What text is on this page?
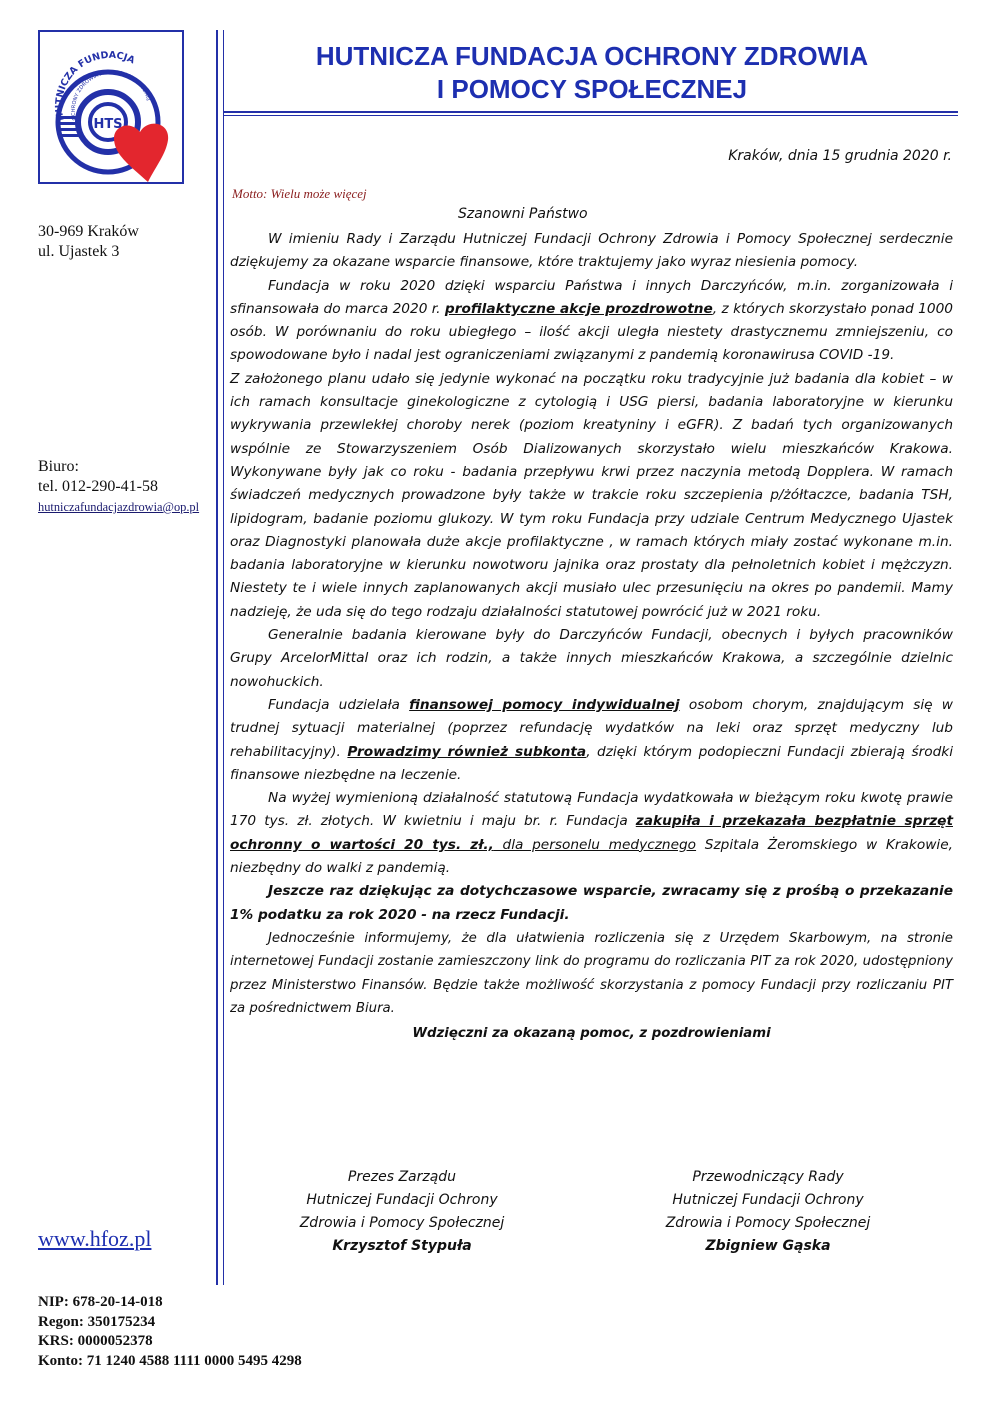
HTS
HUTNICZA FUNDACJA
OCHRONY ZDROWIA I POMOCY SPOŁECZNEJ
HUTNICZA FUNDACJA OCHRONY ZDROWIA
I POMOCY SPOŁECZNEJ
30-969 Kraków
ul. Ujastek 3
Biuro:
tel. 012-290-41-58
hutniczafundacjazdrowia@op.pl
www.hfoz.pl
NIP: 678-20-14-018
Regon: 350175234
KRS: 0000052378
Konto: 71 1240 4588 1111 0000 5495 4298
Kraków, dnia 15 grudnia 2020 r.
Motto: Wielu może więcej
Szanowni Państwo

W imieniu Rady i Zarządu Hutniczej Fundacji Ochrony Zdrowia i Pomocy Społecznej serdecznie dziękujemy za okazane wsparcie finansowe, które traktujemy jako wyraz niesienia pomocy.

Fundacja w roku 2020 dzięki wsparciu Państwa i innych Darczyńców, m.in. zorganizowała i sfinansowała do marca 2020 r. profilaktyczne akcje prozdrowotne, z których skorzystało ponad 1000 osób. W porównaniu do roku ubiegłego – ilość akcji uległa niestety drastycznemu zmniejszeniu, co spowodowane było i nadal jest ograniczeniami związanymi z pandemią koronawirusa COVID -19.

Z założonego planu udało się jedynie wykonać na początku roku tradycyjnie już badania dla kobiet – w ich ramach konsultacje ginekologiczne z cytologią i USG piersi, badania laboratoryjne w kierunku wykrywania przewlekłej choroby nerek (poziom kreatyniny i eGFR). Z badań tych organizowanych wspólnie ze Stowarzyszeniem Osób Dializowanych skorzystało wielu mieszkańców Krakowa. Wykonywane były jak co roku - badania przepływu krwi przez naczynia metodą Dopplera. W ramach świadczeń medycznych prowadzone były także w trakcie roku szczepienia p/żółtaczce, badania TSH, lipidogram, badanie poziomu glukozy. W tym roku Fundacja przy udziale Centrum Medycznego Ujastek oraz Diagnostyki planowała duże akcje profilaktyczne , w ramach których miały zostać wykonane m.in. badania laboratoryjne w kierunku nowotworu jajnika oraz prostaty dla pełnoletnich kobiet i mężczyzn. Niestety te i wiele innych zaplanowanych akcji musiało ulec przesunięciu na okres po pandemii. Mamy nadzieję, że uda się do tego rodzaju działalności statutowej powrócić już w 2021 roku.

Generalnie badania kierowane były do Darczyńców Fundacji, obecnych i byłych pracowników Grupy ArcelorMittal oraz ich rodzin, a także innych mieszkańców Krakowa, a szczególnie dzielnic nowohuckich.

Fundacja udzielała finansowej pomocy indywidualnej osobom chorym, znajdującym się w trudnej sytuacji materialnej (poprzez refundację wydatków na leki oraz sprzęt medyczny lub rehabilitacyjny). Prowadzimy również subkonta, dzięki którym podopieczni Fundacji zbierają środki finansowe niezbędne na leczenie.

Na wyżej wymienioną działalność statutową Fundacja wydatkowała w bieżącym roku kwotę prawie 170 tys. zł. złotych. W kwietniu i maju br. r. Fundacja zakupiła i przekazała bezpłatnie sprzęt ochronny o wartości 20 tys. zł., dla personelu medycznego Szpitala Żeromskiego w Krakowie, niezbędny do walki z pandemią.

Jeszcze raz dziękując za dotychczasowe wsparcie, zwracamy się z prośbą o przekazanie 1% podatku za rok 2020 - na rzecz Fundacji.

Jednocześnie informujemy, że dla ułatwienia rozliczenia się z Urzędem Skarbowym, na stronie internetowej Fundacji zostanie zamieszczony link do programu do rozliczania PIT za rok 2020, udostępniony przez Ministerstwo Finansów. Będzie także możliwość skorzystania z pomocy Fundacji przy rozliczaniu PIT za pośrednictwem Biura.

Wdzięczni za okazaną pomoc, z pozdrowieniami

Prezes Zarządu
Hutniczej Fundacji Ochrony
Zdrowia i Pomocy Społecznej
Krzysztof Stypuła
Przewodniczący Rady
Hutniczej Fundacji Ochrony
Zdrowia i Pomocy Społecznej
Zbigniew Gąska
